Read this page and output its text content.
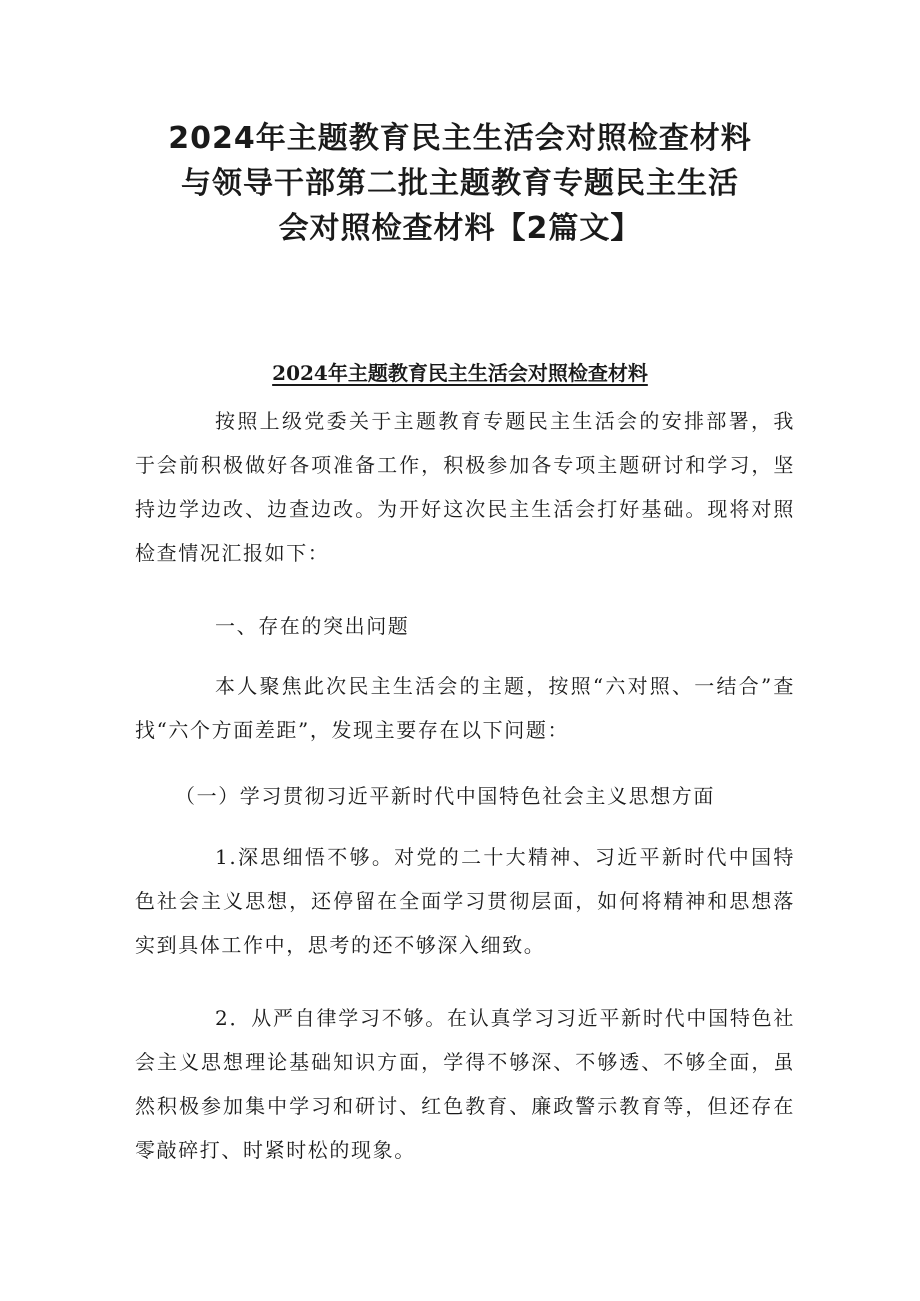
2024年主题教育民主生活会对照检查材料
与领导干部第二批主题教育专题民主生活
会对照检查材料【2篇文】
2024年主题教育民主生活会对照检查材料

按照上级党委关于主题教育专题民主生活会的安排部署，我于会前积极做好各项准备工作，积极参加各专项主题研讨和学习，坚持边学边改、边查边改。为开好这次民主生活会打好基础。现将对照检查情况汇报如下：

一、存在的突出问题

本人聚焦此次民主生活会的主题，按照“六对照、一结合”查找“六个方面差距”，发现主要存在以下问题：

（一）学习贯彻习近平新时代中国特色社会主义思想方面

1.深思细悟不够。对党的二十大精神、习近平新时代中国特色社会主义思想，还停留在全面学习贯彻层面，如何将精神和思想落实到具体工作中，思考的还不够深入细致。

2．从严自律学习不够。在认真学习习近平新时代中国特色社会主义思想理论基础知识方面，学得不够深、不够透、不够全面，虽然积极参加集中学习和研讨、红色教育、廉政警示教育等，但还存在零敲碎打、时紧时松的现象。
